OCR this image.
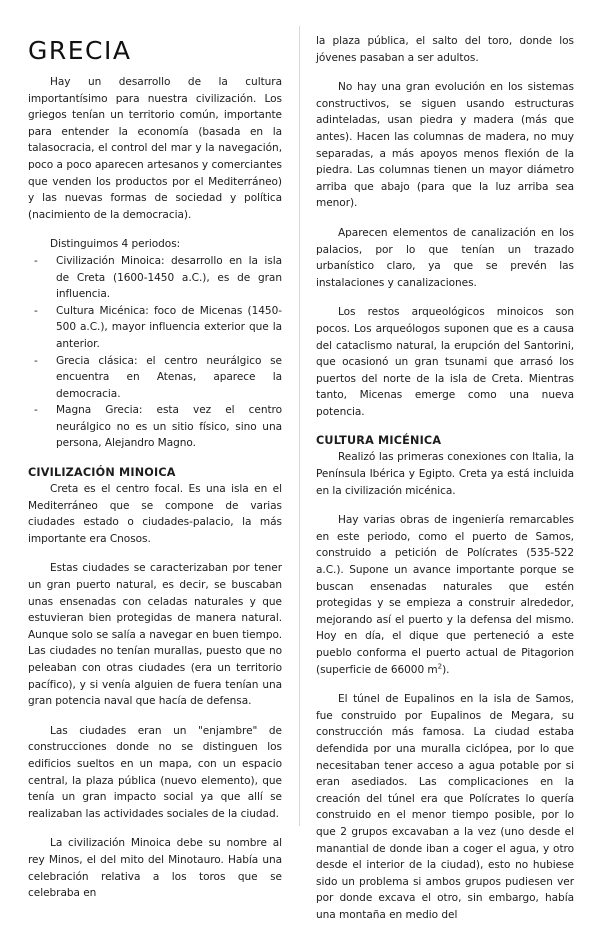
GRECIA

Hay un desarrollo de la cultura importantísimo para nuestra civilización. Los griegos tenían un territorio común, importante para entender la economía (basada en la talasocracia, el control del mar y la navegación, poco a poco aparecen artesanos y comerciantes que venden los productos por el Mediterráneo) y las nuevas formas de sociedad y política (nacimiento de la democracia).

Distinguimos 4 periodos:

- Civilización Minoica: desarrollo en la isla de Creta (1600-1450 a.C.), es de gran influencia.
- Cultura Micénica: foco de Micenas (1450-500 a.C.), mayor influencia exterior que la anterior.
- Grecia clásica: el centro neurálgico se encuentra en Atenas, aparece la democracia.
- Magna Grecia: esta vez el centro neurálgico no es un sitio físico, sino una persona, Alejandro Magno.
CIVILIZACIÓN MINOICA

Creta es el centro focal. Es una isla en el Mediterráneo que se compone de varias ciudades estado o ciudades-palacio, la más importante era Cnosos.

Estas ciudades se caracterizaban por tener un gran puerto natural, es decir, se buscaban unas ensenadas con celadas naturales y que estuvieran bien protegidas de manera natural. Aunque solo se salía a navegar en buen tiempo. Las ciudades no tenían murallas, puesto que no peleaban con otras ciudades (era un territorio pacífico), y si venía alguien de fuera tenían una gran potencia naval que hacía de defensa.

Las ciudades eran un "enjambre" de construcciones donde no se distinguen los edificios sueltos en un mapa, con un espacio central, la plaza pública (nuevo elemento), que tenía un gran impacto social ya que allí se realizaban las actividades sociales de la ciudad.

La civilización Minoica debe su nombre al rey Minos, el del mito del Minotauro. Había una celebración relativa a los toros que se celebraba en

la plaza pública, el salto del toro, donde los jóvenes pasaban a ser adultos.

No hay una gran evolución en los sistemas constructivos, se siguen usando estructuras adinteladas, usan piedra y madera (más que antes). Hacen las columnas de madera, no muy separadas, a más apoyos menos flexión de la piedra. Las columnas tienen un mayor diámetro arriba que abajo (para que la luz arriba sea menor).

Aparecen elementos de canalización en los palacios, por lo que tenían un trazado urbanístico claro, ya que se prevén las instalaciones y canalizaciones.

Los restos arqueológicos minoicos son pocos. Los arqueólogos suponen que es a causa del cataclismo natural, la erupción del Santorini, que ocasionó un gran tsunami que arrasó los puertos del norte de la isla de Creta. Mientras tanto, Micenas emerge como una nueva potencia.

CULTURA MICÉNICA

Realizó las primeras conexiones con Italia, la Península Ibérica y Egipto. Creta ya está incluida en la civilización micénica.

Hay varias obras de ingeniería remarcables en este periodo, como el puerto de Samos, construido a petición de Polícrates (535-522 a.C.). Supone un avance importante porque se buscan ensenadas naturales que estén protegidas y se empieza a construir alrededor, mejorando así el puerto y la defensa del mismo. Hoy en día, el dique que perteneció a este pueblo conforma el puerto actual de Pitagorion (superficie de 66000 $m^2$).

El túnel de Eupalinos en la isla de Samos, fue construido por Eupalinos de Megara, su construcción más famosa. La ciudad estaba defendida por una muralla ciclópea, por lo que necesitaban tener acceso a agua potable por si eran asediados. Las complicaciones en la creación del túnel era que Polícrates lo quería construido en el menor tiempo posible, por lo que 2 grupos excavaban a la vez (uno desde el manantial de donde iban a coger el agua, y otro desde el interior de la ciudad), esto no hubiese sido un problema si ambos grupos pudiesen ver por donde excava el otro, sin embargo, había una montaña en medio del
